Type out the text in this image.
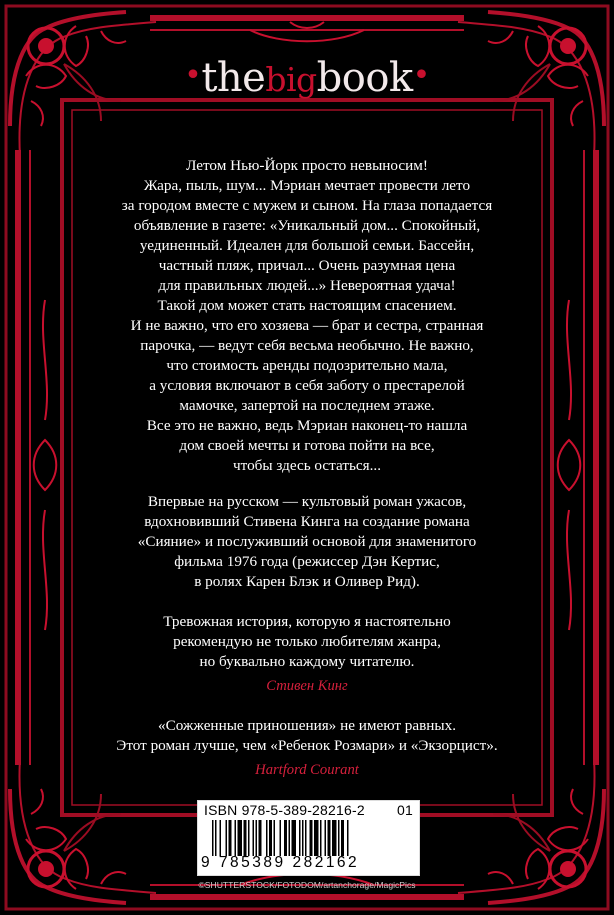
•thebigbook•

Летом Нью-Йорк просто невыносим!

Жара, пыль, шум... Мэриан мечтает провести лето

за городом вместе с мужем и сыном. На глаза попадается

объявление в газете: «Уникальный дом... Спокойный,

уединенный. Идеален для большой семьи. Бассейн,

частный пляж, причал... Очень разумная цена

для правильных людей...» Невероятная удача!

Такой дом может стать настоящим спасением.

И не важно, что его хозяева — брат и сестра, странная

парочка, — ведут себя весьма необычно. Не важно,

что стоимость аренды подозрительно мала,

а условия включают в себя заботу о престарелой

мамочке, запертой на последнем этаже.

Все это не важно, ведь Мэриан наконец-то нашла

дом своей мечты и готова пойти на все,

чтобы здесь остаться...

Впервые на русском — культовый роман ужасов,

вдохновивший Стивена Кинга на создание романа

«Сияние» и послуживший основой для знаменитого

фильма 1976 года (режиссер Дэн Кертис,

в ролях Карен Блэк и Оливер Рид).

Тревожная история, которую я настоятельно

рекомендую не только любителям жанра,

но буквально каждому читателю.

Стивен Кинг

«Сожженные приношения» не имеют равных.

Этот роман лучше, чем «Ребенок Розмари» и «Экзорцист».

Hartford Courant

ISBN 978-5-389-28216-2 01
9 785389 282162
©SHUTTERSTOCK/FOTODOM/artanchorage/MagicPics
